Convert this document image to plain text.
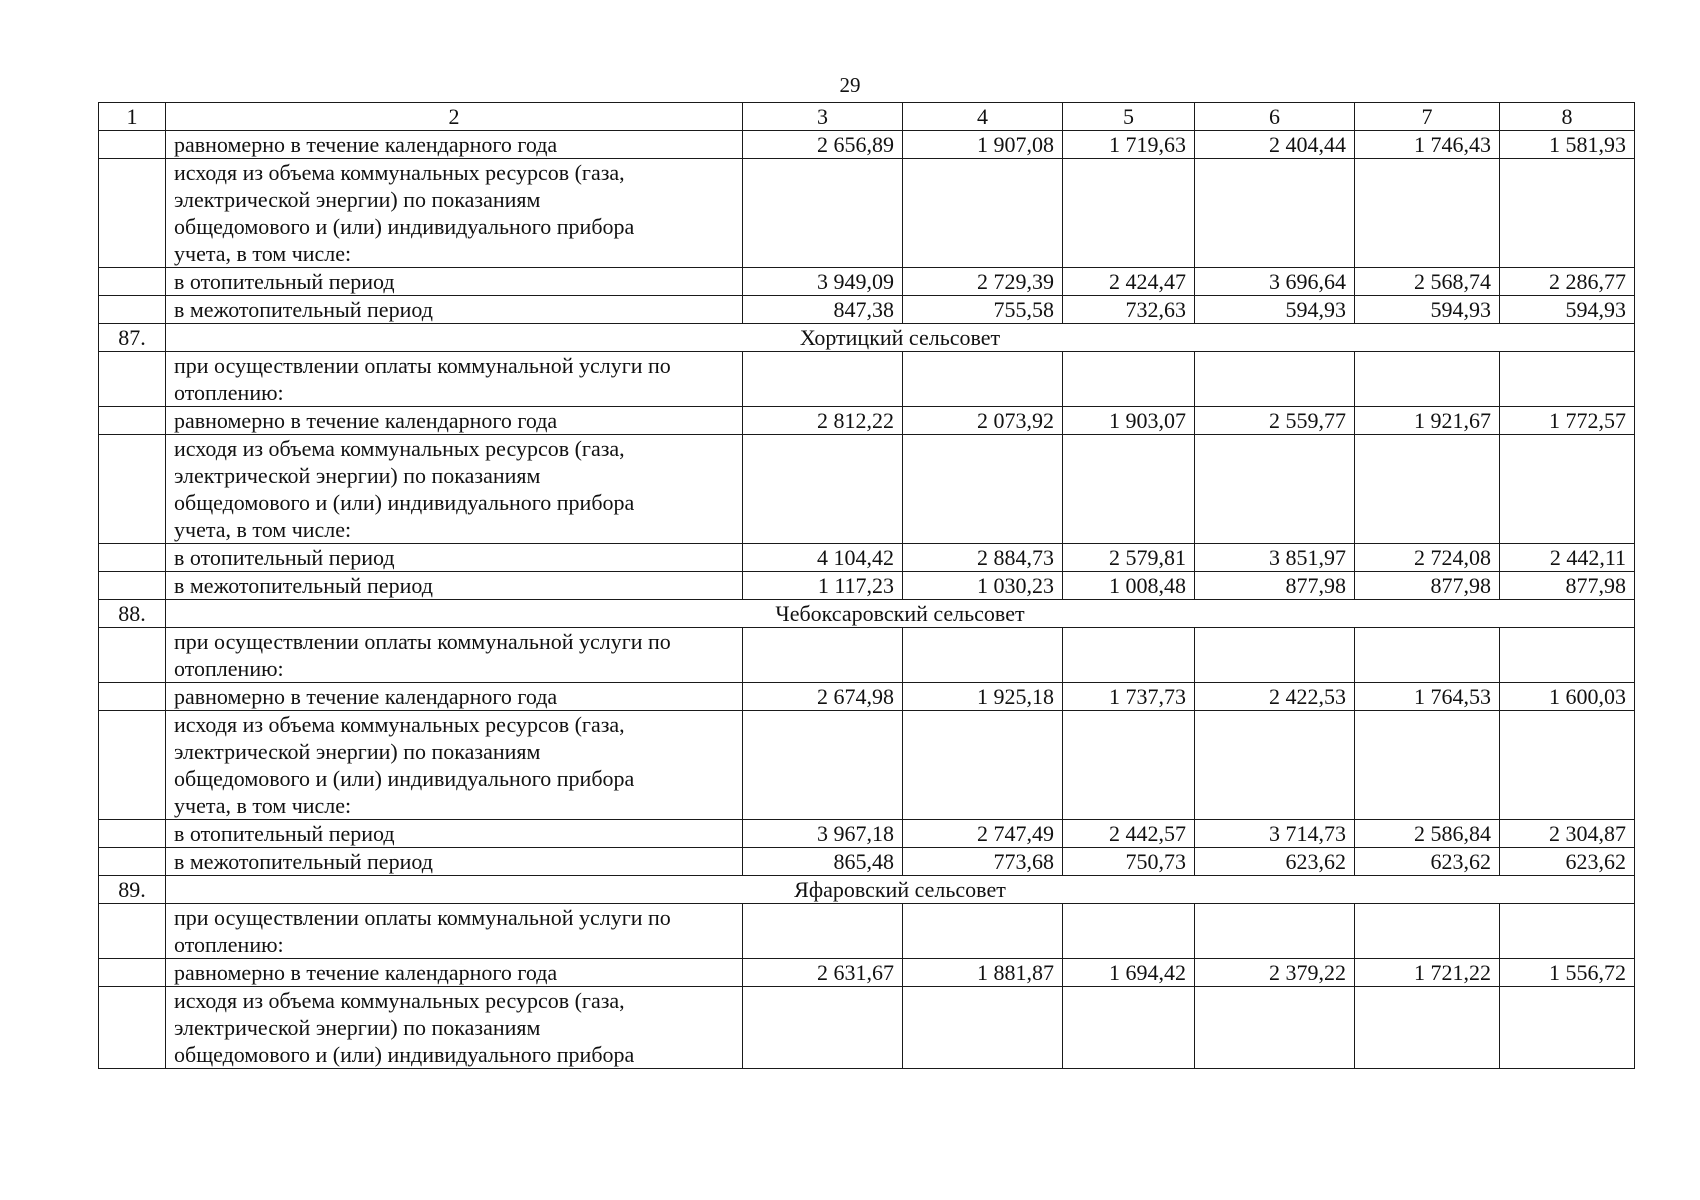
29
1	2	3	4	5	6	7	8
	равномерно в течение календарного года	2 656,89	1 907,08	1 719,63	2 404,44	1 746,43	1 581,93
	исходя из объема коммунальных ресурсов (газа,
электрической энергии) по показаниям
общедомового и (или) индивидуального прибора
учета, в том числе:						
	в отопительный период	3 949,09	2 729,39	2 424,47	3 696,64	2 568,74	2 286,77
	в межотопительный период	847,38	755,58	732,63	594,93	594,93	594,93
87.	Хортицкий сельсовет						
	при осуществлении оплаты коммунальной услуги по
отоплению:						
	равномерно в течение календарного года	2 812,22	2 073,92	1 903,07	2 559,77	1 921,67	1 772,57
	исходя из объема коммунальных ресурсов (газа,
электрической энергии) по показаниям
общедомового и (или) индивидуального прибора
учета, в том числе:						
	в отопительный период	4 104,42	2 884,73	2 579,81	3 851,97	2 724,08	2 442,11
	в межотопительный период	1 117,23	1 030,23	1 008,48	877,98	877,98	877,98
88.	Чебоксаровский сельсовет						
	при осуществлении оплаты коммунальной услуги по
отоплению:						
	равномерно в течение календарного года	2 674,98	1 925,18	1 737,73	2 422,53	1 764,53	1 600,03
	исходя из объема коммунальных ресурсов (газа,
электрической энергии) по показаниям
общедомового и (или) индивидуального прибора
учета, в том числе:						
	в отопительный период	3 967,18	2 747,49	2 442,57	3 714,73	2 586,84	2 304,87
	в межотопительный период	865,48	773,68	750,73	623,62	623,62	623,62
89.	Яфаровский сельсовет						
	при осуществлении оплаты коммунальной услуги по
отоплению:						
	равномерно в течение календарного года	2 631,67	1 881,87	1 694,42	2 379,22	1 721,22	1 556,72
	исходя из объема коммунальных ресурсов (газа,
электрической энергии) по показаниям
общедомового и (или) индивидуального прибора						
